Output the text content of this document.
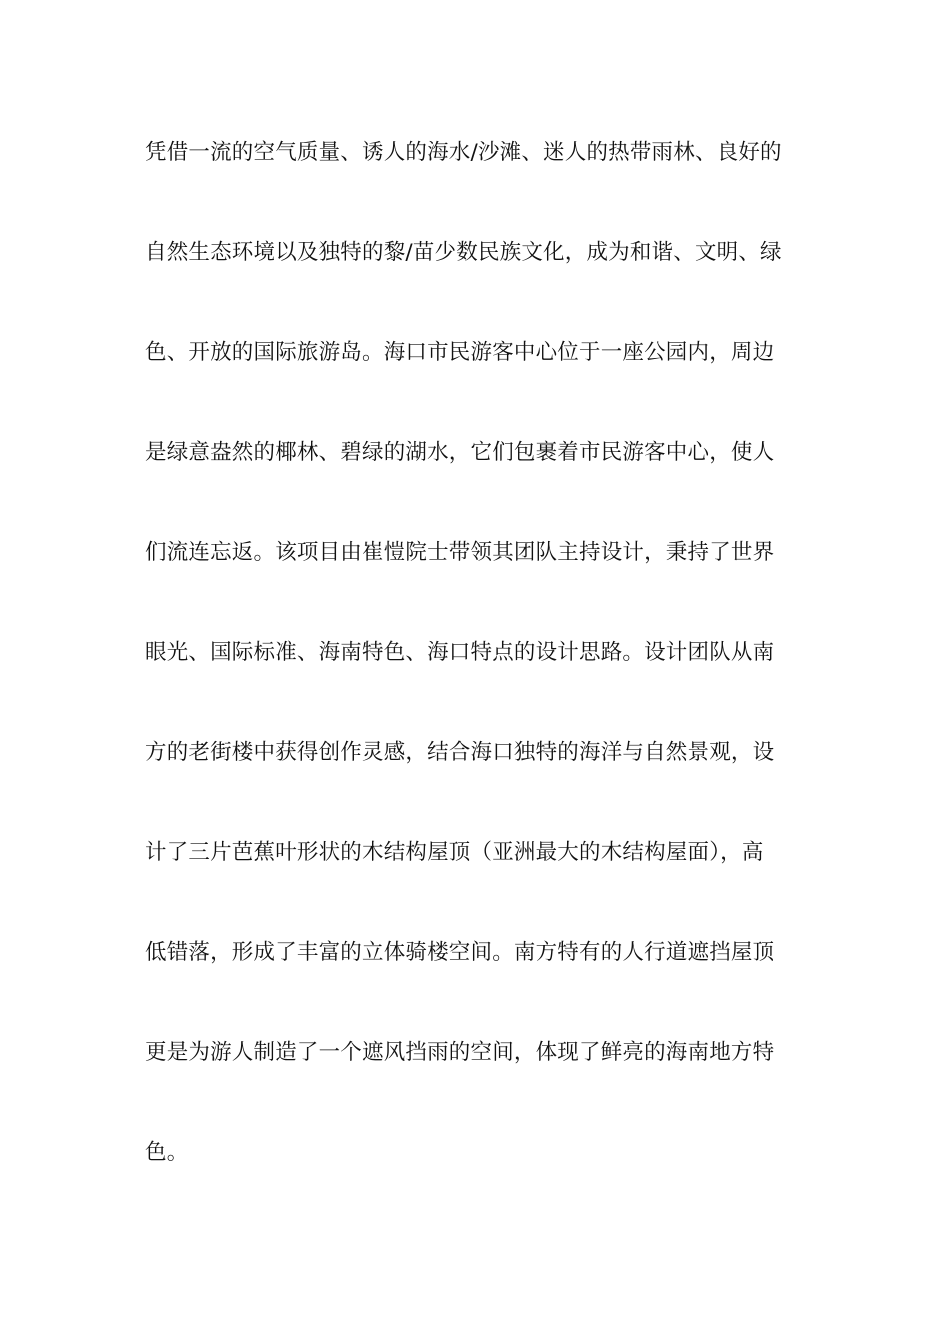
凭借一流的空气质量、诱人的海水/沙滩、迷人的热带雨林、良好的
自然生态环境以及独特的黎/苗少数民族文化，成为和谐、文明、绿
色、开放的国际旅游岛。海口市民游客中心位于一座公园内，周边
是绿意盎然的椰林、碧绿的湖水，它们包裹着市民游客中心，使人
们流连忘返。该项目由崔愷院士带领其团队主持设计，秉持了世界
眼光、国际标准、海南特色、海口特点的设计思路。设计团队从南
方的老街楼中获得创作灵感，结合海口独特的海洋与自然景观，设
计了三片芭蕉叶形状的木结构屋顶（亚洲最大的木结构屋面），高
低错落，形成了丰富的立体骑楼空间。南方特有的人行道遮挡屋顶
更是为游人制造了一个遮风挡雨的空间，体现了鲜亮的海南地方特
色。
